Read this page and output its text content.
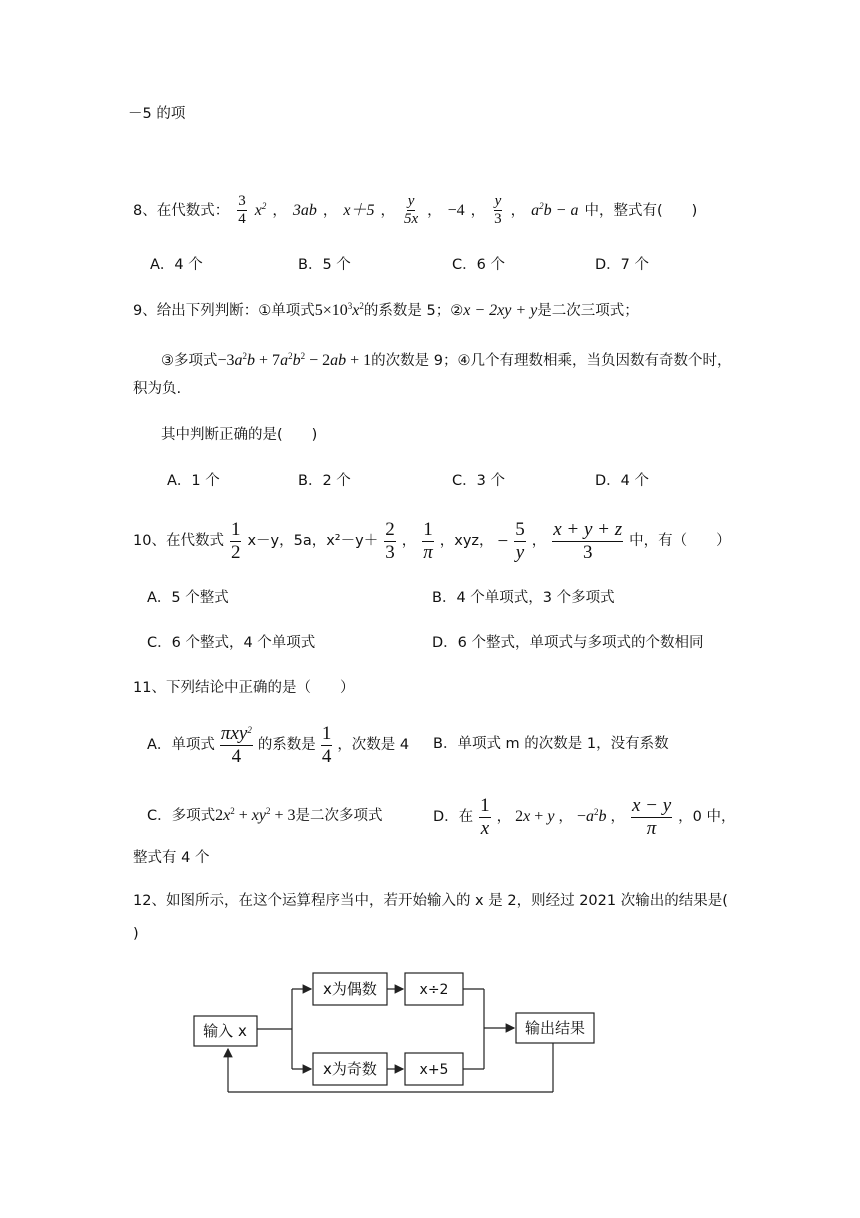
－5 的项
8、在代数式： $\frac{3}{4} x^2$ ， 3ab ， x＋5 ， $\frac{y}{5x}$ ， −4 ， $\frac{y}{3}$ ， $a^2b - a$ 中，整式有(　　)
A．4 个	B．5 个	C．6 个	D．7 个
9、给出下列判断：①单项式$5\times 10^3x^2$的系数是 5；②x − 2xy + y是二次三项式；
③多项式$-3a^2b + 7a^2b^2 - 2ab + 1$的次数是 9；④几个有理数相乘，当负因数有奇数个时，
积为负.
其中判断正确的是(　　)
A．1 个	B．2 个	C．3 个	D．4 个
10、在代数式 $\frac{1}{2} x-y$，5a，$x^2-y+ \frac{2}{3}$ ， $\frac{1}{\pi}$ ，xyz， − $\frac{5}{y}$ ， $\frac{x + y + z}{3}$ 中，有（　　）
A．5 个整式	B．4 个单项式，3 个多项式
C．6 个整式，4 个单项式	D．6 个整式，单项式与多项式的个数相同
11、下列结论中正确的是（　　）
A．单项式 $\frac{\pi xy^2}{4}$ 的系数是 $\frac{1}{4}$ ，次数是 4 B．单项式 m 的次数是 1，没有系数
C．多项式$2x^2 + xy^2 + 3$是二次多项式	D．在 $\frac{1}{x}$ ， 2x + y ， $-a^2b$ ， $\frac{x - y}{\pi}$ ，0 中，
整式有 4 个
12、如图所示，在这个运算程序当中，若开始输入的 x 是 2，则经过 2021 次输出的结果是(
)
输入 x
x为偶数
x为奇数
x÷2
x+5
输出结果
